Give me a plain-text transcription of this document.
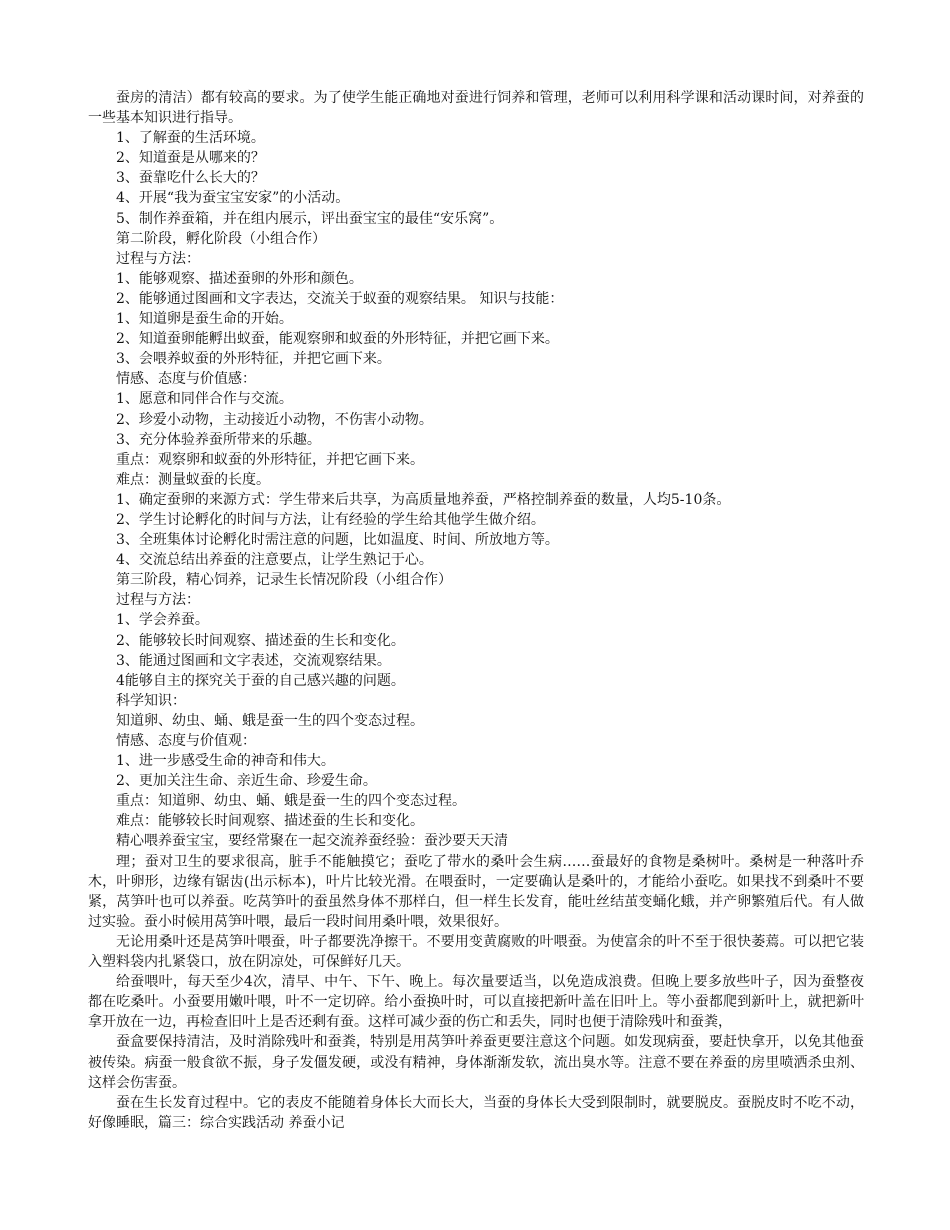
蚕房的清洁）都有较高的要求。为了使学生能正确地对蚕进行饲养和管理，老师可以利用科学课和活动课时间，对养蚕的一些基本知识进行指导。

1、了解蚕的生活环境。

2、知道蚕是从哪来的？

3、蚕靠吃什么长大的？

4、开展“我为蚕宝宝安家”的小活动。

5、制作养蚕箱，并在组内展示，评出蚕宝宝的最佳“安乐窝”。

第二阶段，孵化阶段（小组合作）

过程与方法：

1、能够观察、描述蚕卵的外形和颜色。

2、能够通过图画和文字表达，交流关于蚁蚕的观察结果。 知识与技能：

1、知道卵是蚕生命的开始。

2、知道蚕卵能孵出蚁蚕，能观察卵和蚁蚕的外形特征，并把它画下来。

3、会喂养蚁蚕的外形特征，并把它画下来。

情感、态度与价值感：

1、愿意和同伴合作与交流。

2、珍爱小动物，主动接近小动物，不伤害小动物。

3、充分体验养蚕所带来的乐趣。

重点：观察卵和蚁蚕的外形特征，并把它画下来。

难点：测量蚁蚕的长度。

1、确定蚕卵的来源方式：学生带来后共享，为高质量地养蚕，严格控制养蚕的数量，人均5-10条。

2、学生讨论孵化的时间与方法，让有经验的学生给其他学生做介绍。

3、全班集体讨论孵化时需注意的问题，比如温度、时间、所放地方等。

4、交流总结出养蚕的注意要点，让学生熟记于心。

第三阶段，精心饲养，记录生长情况阶段（小组合作）

过程与方法：

1、学会养蚕。

2、能够较长时间观察、描述蚕的生长和变化。

3、能通过图画和文字表述，交流观察结果。

4能够自主的探究关于蚕的自己感兴趣的问题。

科学知识：

知道卵、幼虫、蛹、蛾是蚕一生的四个变态过程。

情感、态度与价值观：

1、进一步感受生命的神奇和伟大。

2、更加关注生命、亲近生命、珍爱生命。

重点：知道卵、幼虫、蛹、蛾是蚕一生的四个变态过程。

难点：能够较长时间观察、描述蚕的生长和变化。

精心喂养蚕宝宝，要经常聚在一起交流养蚕经验：蚕沙要天天清

理；蚕对卫生的要求很高，脏手不能触摸它；蚕吃了带水的桑叶会生病……蚕最好的食物是桑树叶。桑树是一种落叶乔木，叶卵形，边缘有锯齿(出示标本)，叶片比较光滑。在喂蚕时，一定要确认是桑叶的，才能给小蚕吃。如果找不到桑叶不要紧，莴笋叶也可以养蚕。吃莴笋叶的蚕虽然身体不那样白，但一样生长发育，能吐丝结茧变蛹化蛾，并产卵繁殖后代。有人做过实验。蚕小时候用莴笋叶喂，最后一段时间用桑叶喂，效果很好。

无论用桑叶还是莴笋叶喂蚕，叶子都要洗净擦干。不要用变黄腐败的叶喂蚕。为使富余的叶不至于很快萎蔫。可以把它装入塑料袋内扎紧袋口，放在阴凉处，可保鲜好几天。

给蚕喂叶，每天至少4次，清早、中午、下午、晚上。每次量要适当，以免造成浪费。但晚上要多放些叶子，因为蚕整夜都在吃桑叶。小蚕要用嫩叶喂，叶不一定切碎。给小蚕换叶时，可以直接把新叶盖在旧叶上。等小蚕都爬到新叶上，就把新叶拿开放在一边，再检查旧叶上是否还剩有蚕。这样可减少蚕的伤亡和丢失，同时也便于清除残叶和蚕粪，

蚕盒要保持清洁，及时消除残叶和蚕粪，特别是用莴笋叶养蚕更要注意这个问题。如发现病蚕，要赶快拿开，以免其他蚕被传染。病蚕一般食欲不振，身子发僵发硬，或没有精神，身体渐渐发软，流出臭水等。注意不要在养蚕的房里喷洒杀虫剂、这样会伤害蚕。

蚕在生长发育过程中。它的表皮不能随着身体长大而长大，当蚕的身体长大受到限制时，就要脱皮。蚕脱皮时不吃不动，好像睡眠，篇三：综合实践活动 养蚕小记
